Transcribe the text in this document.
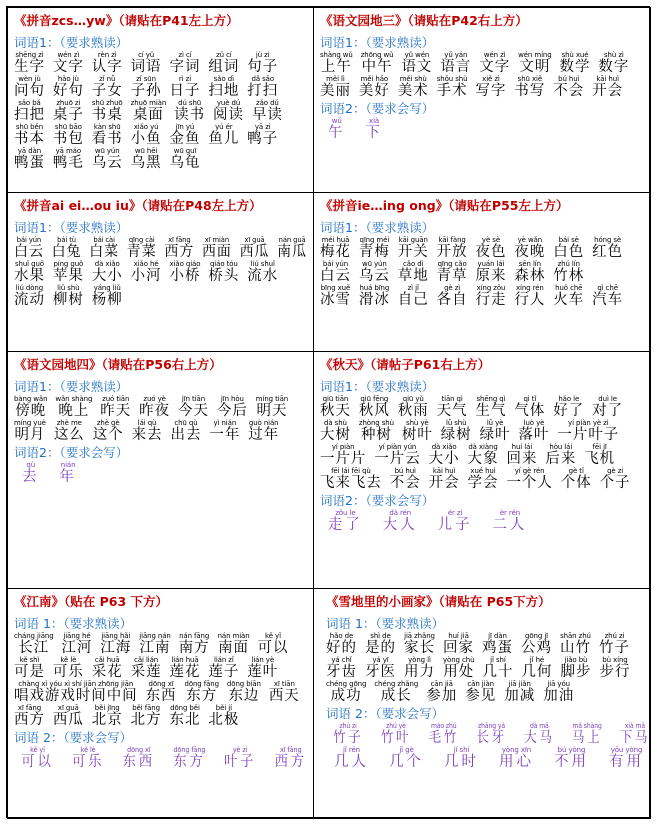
《拼音zcs…yw》（请贴在P41左上方）
词语1：（要求熟读）
shēng zì
生字
wén zì
文字
rèn zì
认字
cí yǔ
词语
zì cí
字词
zǔ cí
组词
jù zi
句子
wèn jù
问句
hǎo jù
好句
zǐ nǚ
子女
zǐ sūn
子孙
rì zi
日子
sǎo dì
扫地
dǎ sǎo
打扫
sǎo bǎ
扫把
zhuō zi
桌子
shū zhuō
书桌
zhuō miàn
桌面
dú shū
读书
yuè dú
阅读
zǎo dú
早读
shū běn
书本
shū bāo
书包
kàn shū
看书
xiǎo yú
小鱼
jīn yú
金鱼
yú ér
鱼儿
yā zi
鸭子
yā dàn
鸭蛋
yā máo
鸭毛
wū yún
乌云
wū hēi
乌黑
wū guī
乌龟
《语文园地三》（请贴在P42右上方）
词语1：（要求熟读）
shàng wǔ
上午
zhōng wǔ
中午
yǔ wén
语文
yǔ yán
语言
wén zì
文字
wén míng
文明
shù xué
数学
shù zì
数字
měi lì
美丽
měi hǎo
美好
měi shù
美术
shǒu shù
手术
xiě zì
写字
shū xiě
书写
bú huì
不会
kāi huì
开会
词语2：（要求会写）
wǔ
午
xià
下
《拼音ai ei…ou iu》（请贴在P48左上方）
词语1：（要求熟读）
bái yún
白云
bái tù
白兔
bái cài
白菜
qīng cài
青菜
xī fāng
西方
xī miàn
西面
xī guā
西瓜
nán guā
南瓜
shuǐ guǒ
水果
píng guǒ
苹果
dà xiǎo
大小
xiǎo hé
小河
xiǎo qiáo
小桥
qiáo tóu
桥头
liú shuǐ
流水
liú dòng
流动
liǔ shù
柳树
yáng liǔ
杨柳
《拼音ie…ing ong》（请贴在P55左上方）
词语1：（要求熟读）
méi huā
梅花
qīng méi
青梅
kāi guān
开关
kāi fàng
开放
yè sè
夜色
yè wǎn
夜晚
bái sè
白色
hóng sè
红色
bái yún
白云
wū yún
乌云
cǎo dì
草地
qīng cǎo
青草
yuán lái
原来
sēn lín
森林
zhú lín
竹林
bīng xuě
冰雪
huá bīng
滑冰
zì jǐ
自己
gè zì
各自
xíng zǒu
行走
xíng rén
行人
huǒ chē
火车
qì chē
汽车
《语文园地四》（请贴在P56右上方）
词语1：（要求熟读）
bàng wǎn
傍晚
wǎn shàng
晚上
zuó tiān
昨天
zuó yè
昨夜
jīn tiān
今天
jīn hòu
今后
míng tiān
明天
míng yuè
明月
zhè me
这么
zhè gè
这个
lái qù
来去
chū qù
出去
yì nián
一年
guò nián
过年
词语2：（要求会写）
qù
去
nián
年
《秋天》（请帖子P61右上方）
词语1：（要求熟读）
qiū tiān
秋天
qiū fēng
秋风
qiū yǔ
秋雨
tiān qì
天气
shēng qì
生气
qì tǐ
气体
hǎo le
好了
duì le
对了
dà shù
大树
zhòng shù
种树
shù yè
树叶
lǜ shù
绿树
lǜ yè
绿叶
luò yè
落叶
yí piàn yè zi
一片叶子
yí piàn
一片片
yí piàn yún
一片云
dà xiǎo
大小
dà xiàng
大象
huí lái
回来
hòu lái
后来
fēi jī
飞机
fēi lái fēi qù
飞来飞去
bú huì
不会
kāi huì
开会
xué huì
学会
yí gè rén
一个人
gè tǐ
个体
gè zi
个子
词语2：（要求会写）
zǒu le
走了
dà rén
大人
ér zi
儿子
èr rén
二人
《江南》（贴在 P63 下方）
词语 1：（要求熟读）
cháng jiāng
长江
jiāng hé
江河
jiāng hǎi
江海
jiāng nán
江南
nán fāng
南方
nán miàn
南面
kě yǐ
可以
kě shì
可是
kě lè
可乐
cǎi huā
采花
cǎi lián
采莲
lián huā
莲花
lián zǐ
莲子
lián yè
莲叶
chàng xì yóu xì shí jiān zhōng jiān
唱戏游戏时间中间
dōng xī
东西
dōng fāng
东方
dōng biān
东边
xī tiān
西天
xī fāng
西方
xī guā
西瓜
běi jīng
北京
běi fāng
北方
dōng běi
东北
běi jí
北极
词语 2：（要求会写）
kě yǐ
可以
kě lè
可乐
dōng xī
东西
dōng fāng
东方
yè zi
叶子
xī fāng
西方
《雪地里的小画家》（请贴在 P65下方）
词语 1：（要求熟读）
hǎo de
好的
shì de
是的
jiā zhǎng
家长
huí jiā
回家
jī dàn
鸡蛋
gōng jī
公鸡
shān zhú
山竹
zhú zi
竹子
yá chǐ
牙齿
yá yī
牙医
yòng lì
用力
yòng chù
用处
jǐ shí
几十
jǐ hé
几何
jiǎo bù
脚步
bù xíng
步行
chéng gōng
成功
chéng zhǎng
成长
cān jiā
参加
cān jiàn
参见
jiā jiǎn
加减
jiā yóu
加油
词语 2：（要求会写）
zhú zi
竹子
zhú yè
竹叶
máo zhú
毛竹
zhǎng yá
长牙
dà mǎ
大马
mǎ shàng
马上
xià mǎ
下马
jǐ rén
几人
jǐ gè
几个
jǐ shí
几时
yòng xīn
用心
bú yòng
不用
yǒu yòng
有用
